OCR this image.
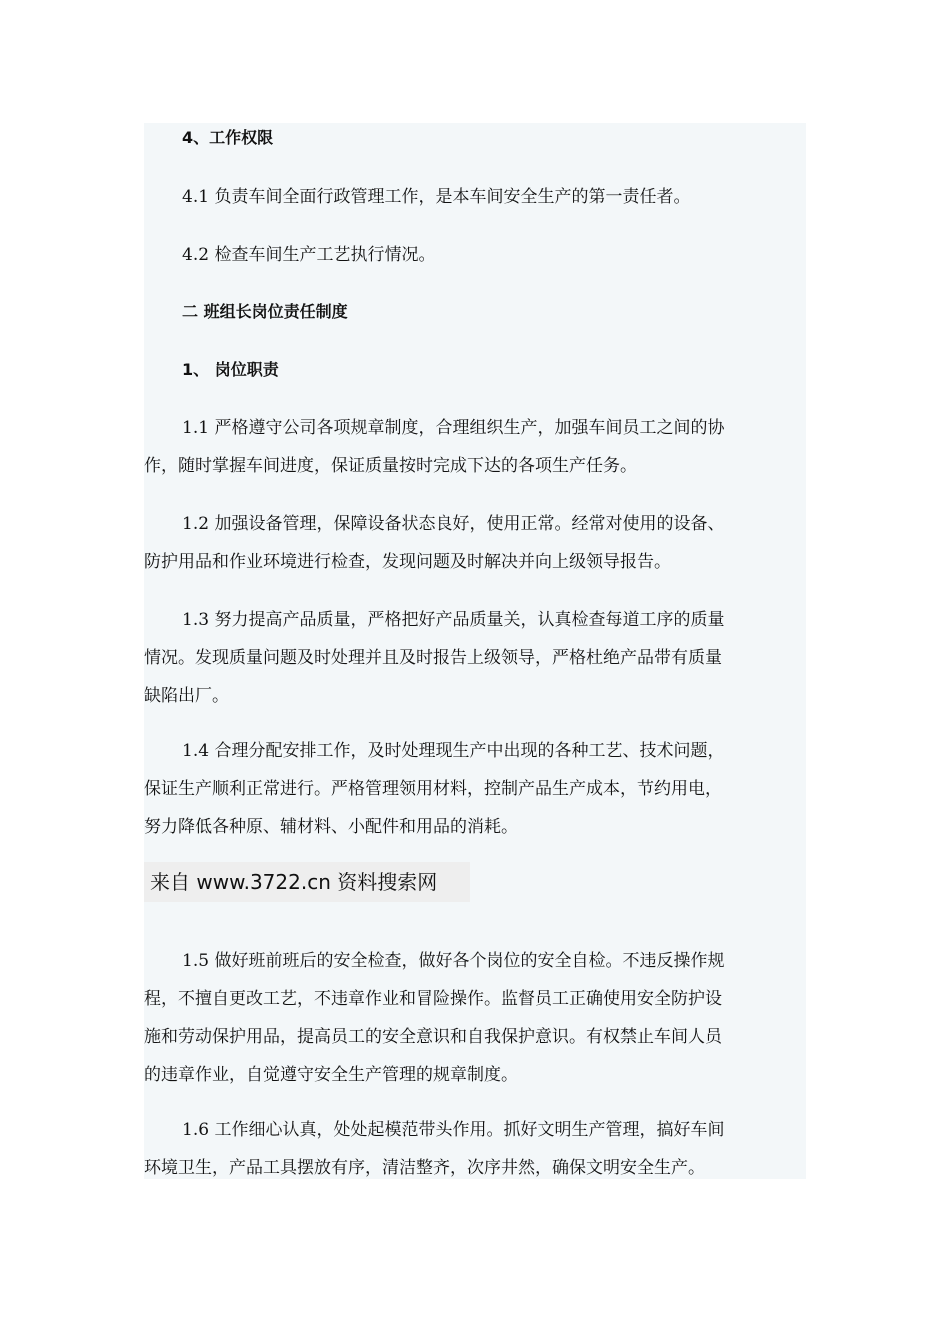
4、工作权限
4.1 负责车间全面行政管理工作，是本车间安全生产的第一责任者。
4.2 检查车间生产工艺执行情况。
二 班组长岗位责任制度
1、 岗位职责
1.1 严格遵守公司各项规章制度，合理组织生产，加强车间员工之间的协
作，随时掌握车间进度，保证质量按时完成下达的各项生产任务。
1.2 加强设备管理，保障设备状态良好，使用正常。经常对使用的设备、
防护用品和作业环境进行检查，发现问题及时解决并向上级领导报告。
1.3 努力提高产品质量，严格把好产品质量关，认真检查每道工序的质量
情况。发现质量问题及时处理并且及时报告上级领导，严格杜绝产品带有质量
缺陷出厂。
1.4 合理分配安排工作，及时处理现生产中出现的各种工艺、技术问题，
保证生产顺利正常进行。严格管理领用材料，控制产品生产成本，节约用电，
努力降低各种原、辅材料、小配件和用品的消耗。
1.5 做好班前班后的安全检查，做好各个岗位的安全自检。不违反操作规
程，不擅自更改工艺，不违章作业和冒险操作。监督员工正确使用安全防护设
施和劳动保护用品，提高员工的安全意识和自我保护意识。有权禁止车间人员
的违章作业，自觉遵守安全生产管理的规章制度。
1.6 工作细心认真，处处起模范带头作用。抓好文明生产管理，搞好车间
环境卫生，产品工具摆放有序，清洁整齐，次序井然，确保文明安全生产。
来自 www.3722.cn 资料搜索网
